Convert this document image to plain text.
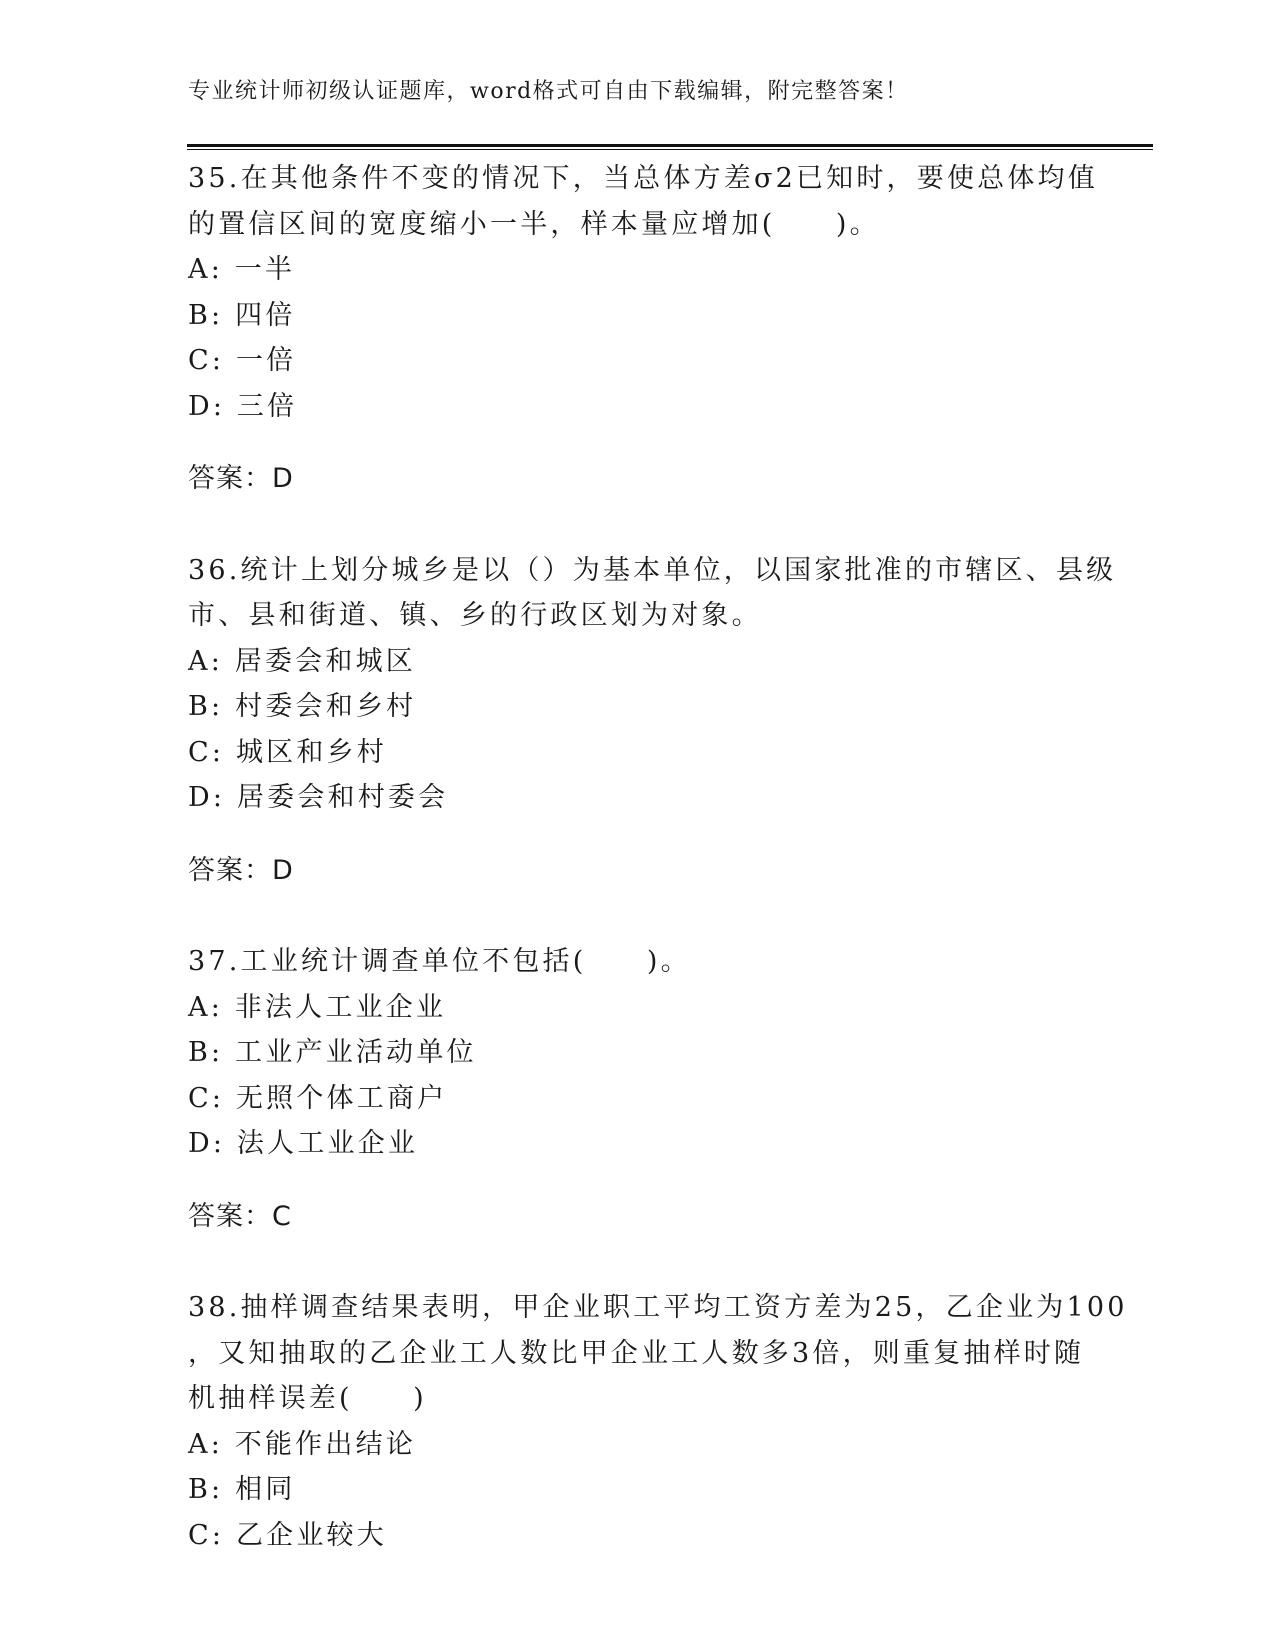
专业统计师初级认证题库，word格式可自由下载编辑，附完整答案！

35.在其他条件不变的情况下，当总体方差σ2已知时，要使总体均值

的置信区间的宽度缩小一半，样本量应增加(　　)。

A: 一半

B: 四倍

C: 一倍

D: 三倍

答案：D

36.统计上划分城乡是以（）为基本单位，以国家批准的市辖区、县级

市、县和街道、镇、乡的行政区划为对象。

A: 居委会和城区

B: 村委会和乡村

C: 城区和乡村

D: 居委会和村委会

答案：D

37.工业统计调查单位不包括(　　)。

A: 非法人工业企业

B: 工业产业活动单位

C: 无照个体工商户

D: 法人工业企业

答案：C

38.抽样调查结果表明，甲企业职工平均工资方差为25，乙企业为100

，又知抽取的乙企业工人数比甲企业工人数多3倍，则重复抽样时随

机抽样误差(　　)

A: 不能作出结论

B: 相同

C: 乙企业较大
